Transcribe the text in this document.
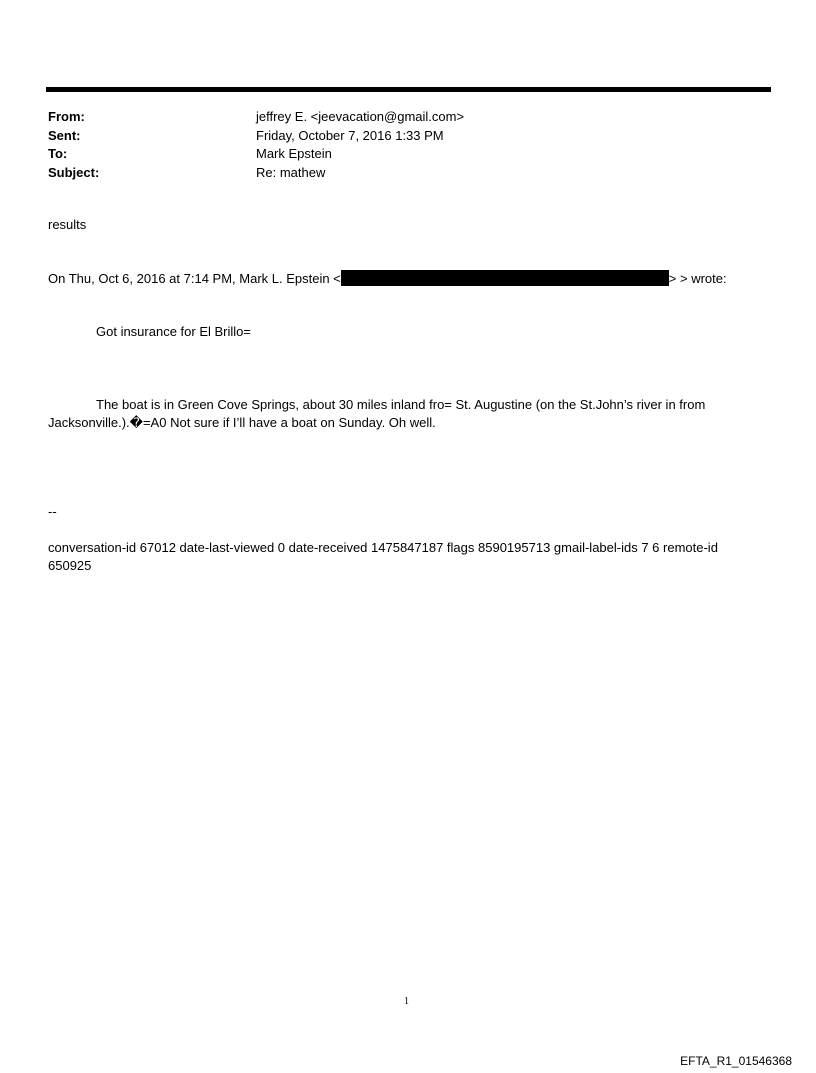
From:	jeffrey E. <jeevacation@gmail.com>
Sent:	Friday, October 7, 2016 1:33 PM
To:	Mark Epstein
Subject:	Re: mathew
results
On Thu, Oct 6, 2016 at 7:14 PM, Mark L. Epstein <	> > wrote:
Got insurance for El Brillo=
The boat is in Green Cove Springs, about 30 miles inland fro= St. Augustine (on the St.John’s river in from
Jacksonville.).�=A0 Not sure if I’ll have a boat on Sunday. Oh well.
--
conversation-id 67012 date-last-viewed 0 date-received 1475847187 flags 8590195713 gmail-label-ids 7 6 remote-id
650925
1
EFTA_R1_01546368
